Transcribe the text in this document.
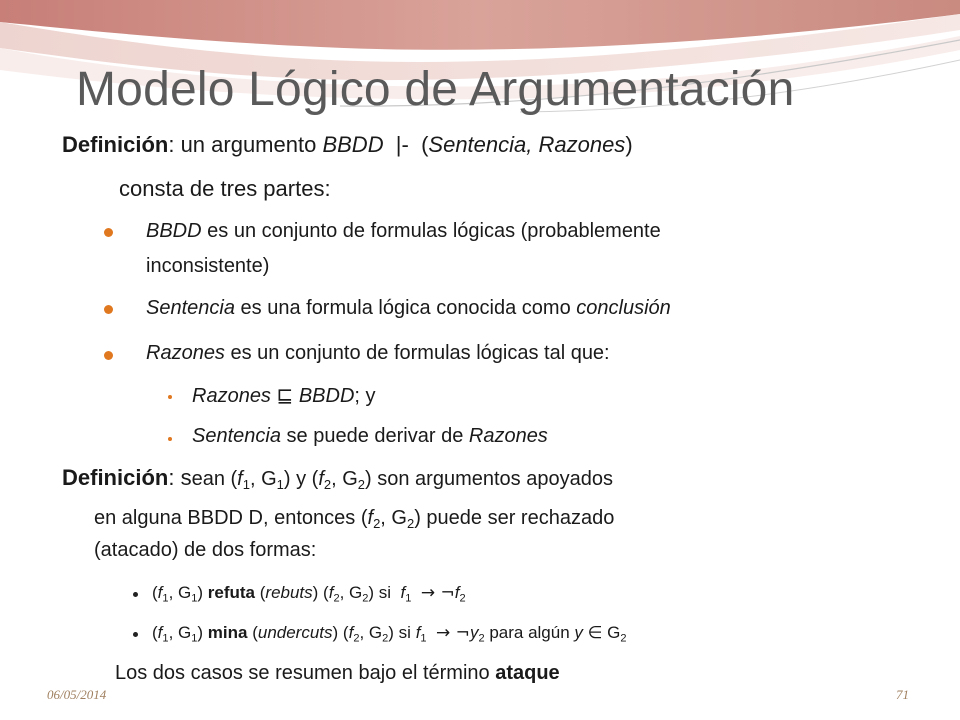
Modelo Lógico de Argumentación
Definición: un argumento BBDD  |-  (Sentencia, Razones)
consta de tres partes:
BBDD es un conjunto de formulas lógicas (probablemente
inconsistente)
Sentencia es una formula lógica conocida como conclusión
Razones es un conjunto de formulas lógicas tal que:
Razones ⊑ BBDD; y
Sentencia se puede derivar de Razones
Definición: sean ($f_1$, $G_1$) y ($f_2$, $G_2$) son argumentos apoyados
en alguna BBDD D, entonces ($f_2$, $G_2$) puede ser rechazado
(atacado) de dos formas:
($f_1$, $G_1$) refuta (rebuts) ($f_2$, $G_2$) si  $f_1$ → $\neg f_2$
($f_1$, $G_1$) mina (undercuts) ($f_2$, $G_2$) si $f_1$ → $\neg y_2$ para algún y ∈ $G_2$
Los dos casos se resumen bajo el término ataque
06/05/2014	71
